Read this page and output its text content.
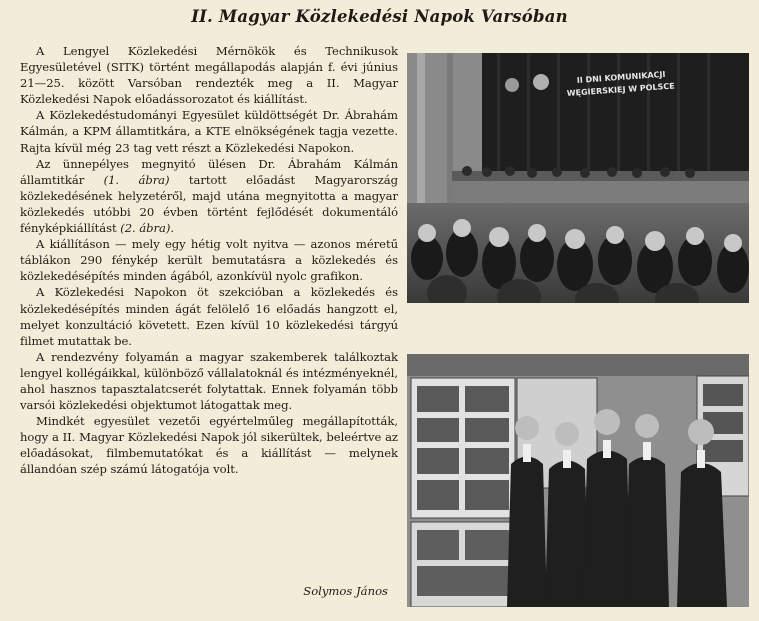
II. Magyar Közlekedési Napok Varsóban

A Lengyel Közlekedési Mérnökök és Technikusok Egyesületével (SITK) történt megállapodás alapján f. évi június 21—25. között Varsóban rendezték meg a II. Magyar Közlekedési Napok előadássorozatot és kiállítást.

A Közlekedéstudományi Egyesület küldöttségét Dr. Ábrahám Kálmán, a KPM államtitkára, a KTE elnökségének tagja vezette. Rajta kívül még 23 tag vett részt a Közlekedési Napokon.

Az ünnepélyes megnyitó ülésen Dr. Ábrahám Kálmán államtitkár (1. ábra) tartott előadást Magyarország közlekedésének helyzetéről, majd utána megnyitotta a magyar közlekedés utóbbi 20 évben történt fejlődését dokumentáló fényképkiállítást (2. ábra).

A kiállításon — mely egy hétig volt nyitva — azonos méretű táblákon 290 fénykép került bemutatásra a közlekedés és közlekedésépítés minden ágából, azonkívül nyolc grafikon.

A Közlekedési Napokon öt szekcióban a közlekedés és közlekedésépítés minden ágát felölelő 16 előadás hangzott el, melyet konzultáció követett. Ezen kívül 10 közlekedési tárgyú filmet mutattak be.

A rendezvény folyamán a magyar szakemberek találkoztak lengyel kollégáikkal, különböző vállalatoknál és intézményeknél, ahol hasznos tapasztalatcserét folytattak. Ennek folyamán több varsói közlekedési objektumot látogattak meg.

Mindkét egyesület vezetői egyértelműleg megállapították, hogy a II. Magyar Közlekedési Napok jól sikerültek, beleértve az előadásokat, filmbemutatókat és a kiállítást — melynek állandóan szép számú látogatója volt.

Solymos János
II DNI KOMUNIKACJI
WĘGIERSKIEJ W POLSCE
